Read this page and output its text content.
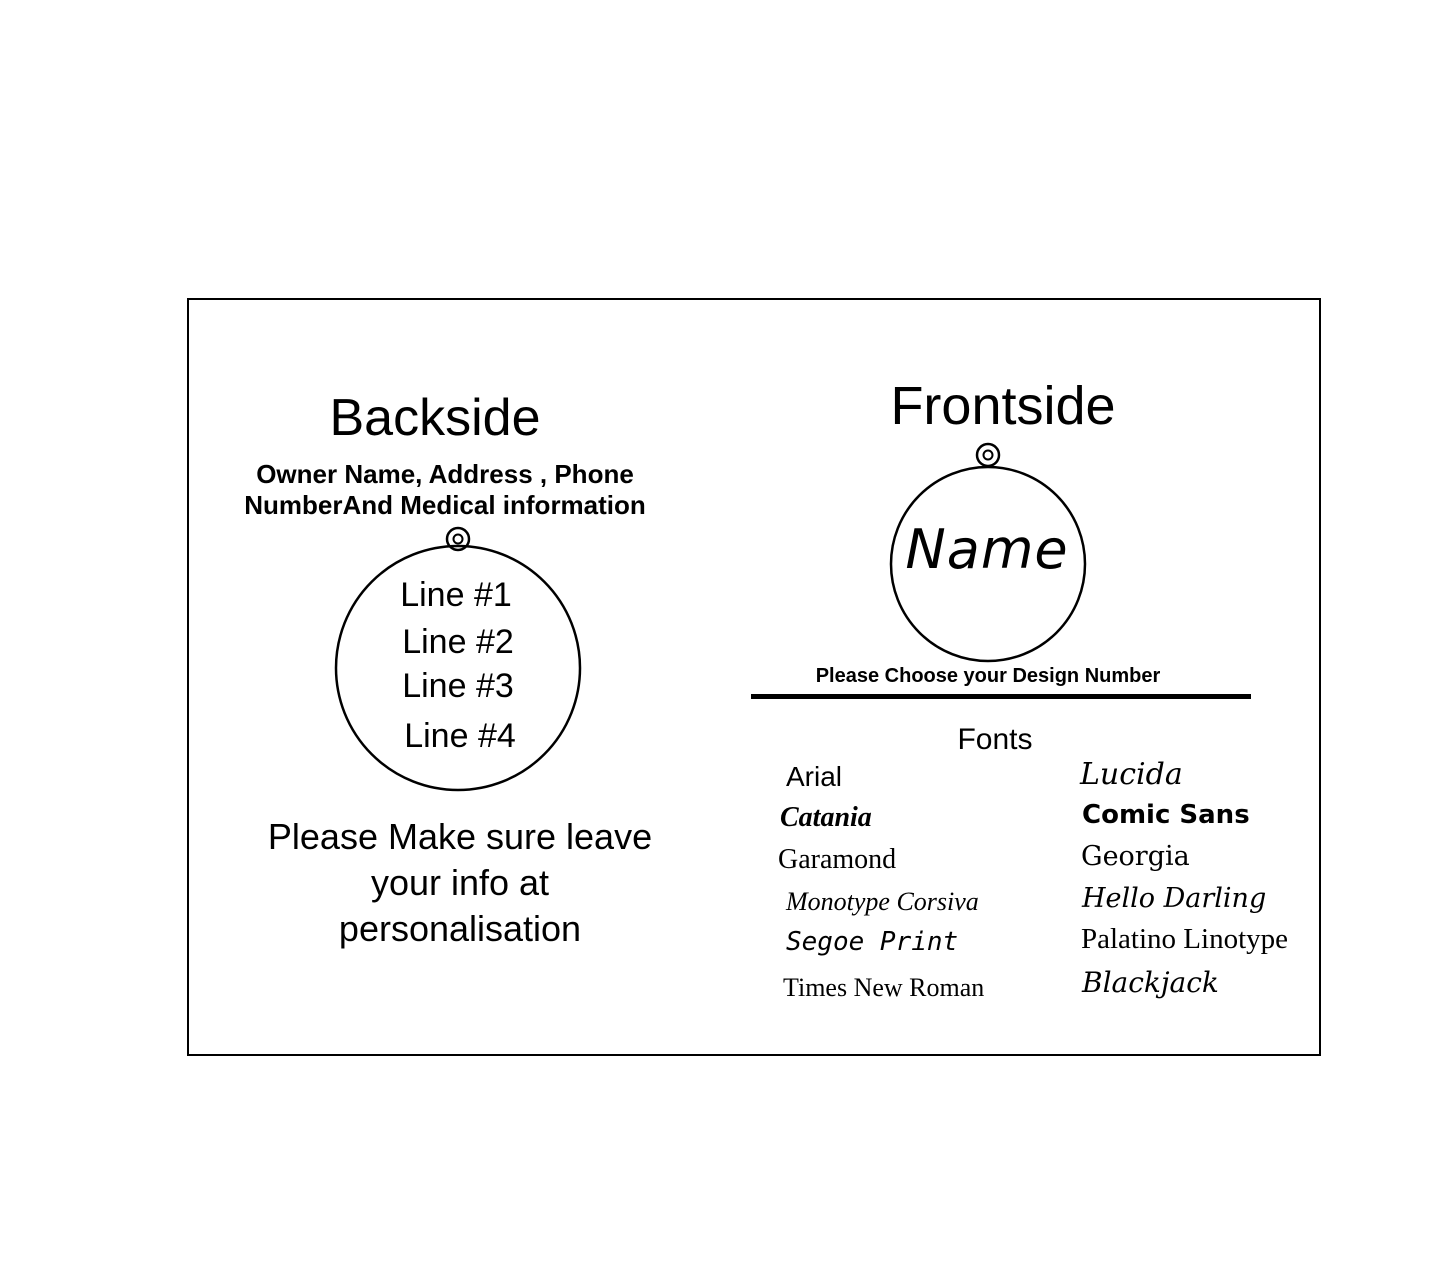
Backside
Owner Name, Address , Phone NumberAnd Medical information
Line #1
Line #2
Line #3
Line #4
Please Make sure leave your info at personalisation
Frontside
Name
Please Choose your Design Number
Fonts
Arial
Catania
Garamond
Monotype Corsiva
Segoe Print
Times New Roman
Lucida
Comic Sans
Georgia
Hello Darling
Palatino Linotype
Blackjack
